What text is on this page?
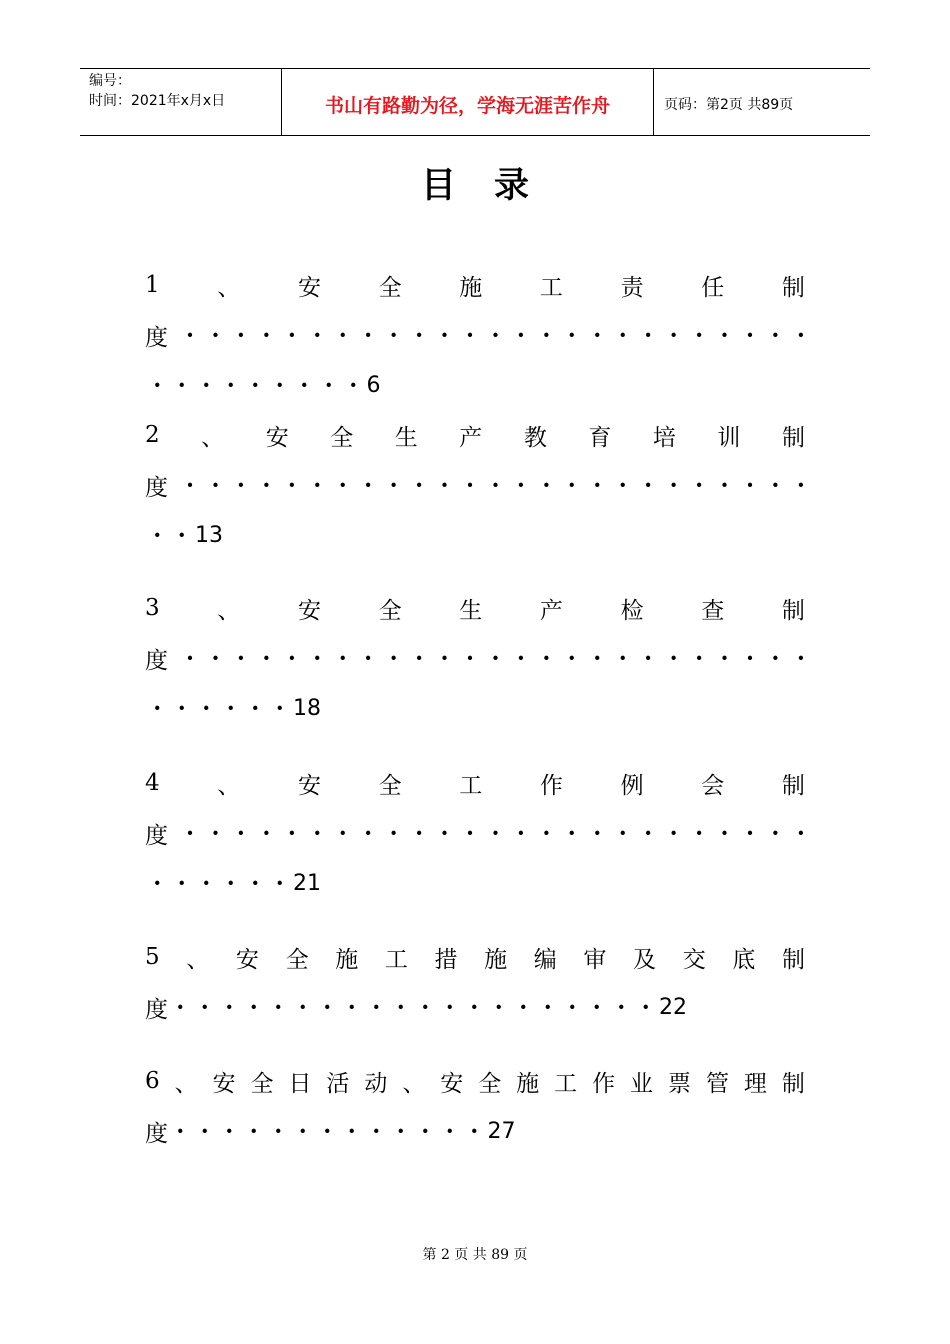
编号：
时间：2021年x月x日	书山有路勤为径，学海无涯苦作舟	页码：第2页 共89页
目录
1	、	安	全	施	工	责	任	制
度 · · · · · · · · · · · · · · · · · · · · · · · · ·
· · · · · · · · · 6
2 、 安 全 生 产 教 育 培 训 制
度 · · · · · · · · · · · · · · · · · · · · · · · · ·
· · 13
3	、	安	全	生	产	检	查	制
度 · · · · · · · · · · · · · · · · · · · · · · · · ·
· · · · · · 18
4	、	安	全	工	作	例	会	制
度 · · · · · · · · · · · · · · · · · · · · · · · · ·
· · · · · · 21
5 、 安 全 施 工 措 施 编 审 及 交 底 制
度 · · · · · · · · · · · · · · · · · · · · 22
6 、 安 全 日 活 动 、 安 全 施 工 作 业 票 管 理 制
度 · · · · · · · · · · · · · 27
第 2 页 共 89 页
